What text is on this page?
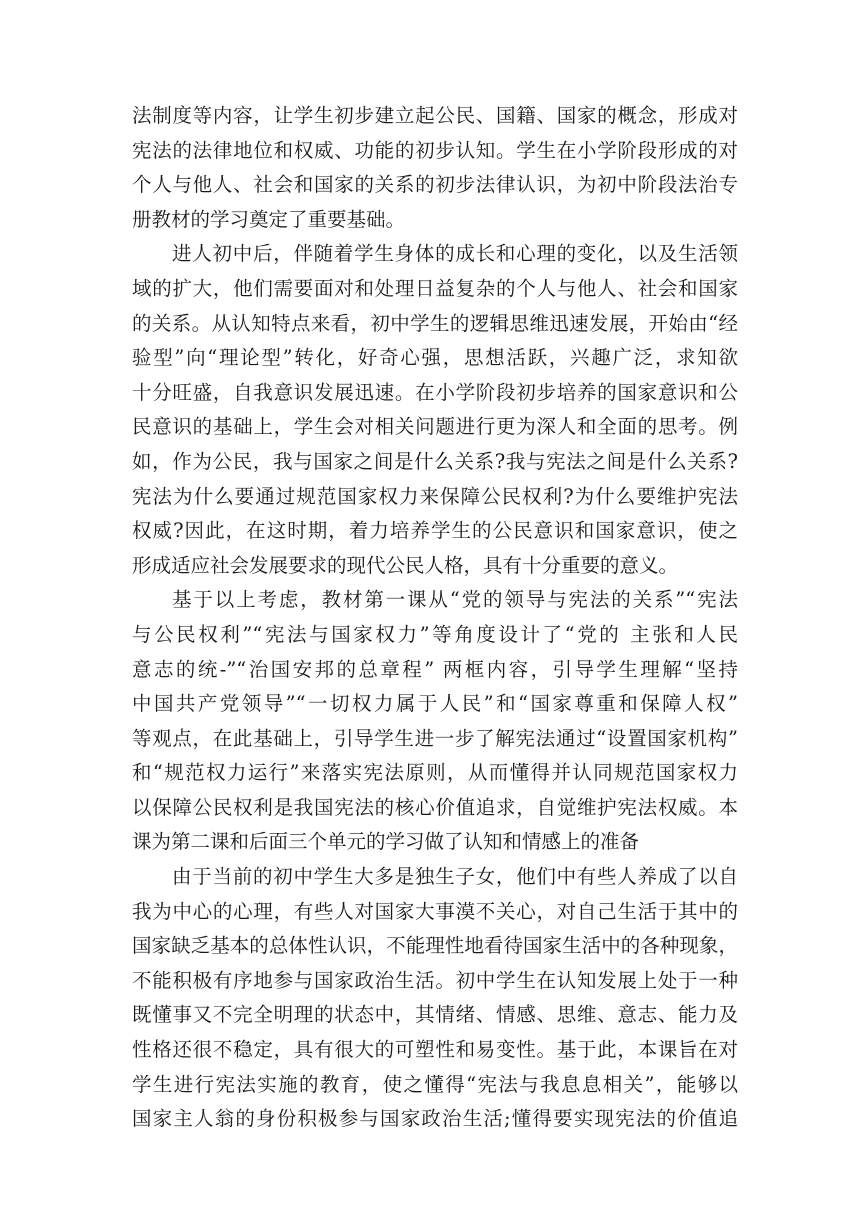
法制度等内容，让学生初步建立起公民、国籍、国家的概念，形成对
宪法的法律地位和权威、功能的初步认知。学生在小学阶段形成的对
个人与他人、社会和国家的关系的初步法律认识，为初中阶段法治专
册教材的学习奠定了重要基础。
进人初中后，伴随着学生身体的成长和心理的变化，以及生活领
域的扩大，他们需要面对和处理日益复杂的个人与他人、社会和国家
的关系。从认知特点来看，初中学生的逻辑思维迅速发展，开始由“经
验型”向“理论型”转化，好奇心强，思想活跃，兴趣广泛，求知欲
十分旺盛，自我意识发展迅速。在小学阶段初步培养的国家意识和公
民意识的基础上，学生会对相关问题进行更为深人和全面的思考。例
如，作为公民，我与国家之间是什么关系?我与宪法之间是什么关系?
宪法为什么要通过规范国家权力来保障公民权利?为什么要维护宪法
权威?因此，在这时期，着力培养学生的公民意识和国家意识，使之
形成适应社会发展要求的现代公民人格，具有十分重要的意义。
基于以上考虑，教材第一课从“党的领导与宪法的关系”“宪法
与公民权利”“宪法与国家权力”等角度设计了“党的 主张和人民
意志的统-”“治国安邦的总章程” 两框内容，引导学生理解“坚持
中国共产党领导”“一切权力属于人民”和“国家尊重和保障人权”
等观点，在此基础上，引导学生进一步了解宪法通过“设置国家机构”
和“规范权力运行”来落实宪法原则，从而懂得并认同规范国家权力
以保障公民权利是我国宪法的核心价值追求，自觉维护宪法权威。本
课为第二课和后面三个单元的学习做了认知和情感上的准备
由于当前的初中学生大多是独生子女，他们中有些人养成了以自
我为中心的心理，有些人对国家大事漠不关心，对自己生活于其中的
国家缺乏基本的总体性认识，不能理性地看待国家生活中的各种现象，
不能积极有序地参与国家政治生活。初中学生在认知发展上处于一种
既懂事又不完全明理的状态中，其情绪、情感、思维、意志、能力及
性格还很不稳定，具有很大的可塑性和易变性。基于此，本课旨在对
学生进行宪法实施的教育，使之懂得“宪法与我息息相关”，能够以
国家主人翁的身份积极参与国家政治生活;懂得要实现宪法的价值追
